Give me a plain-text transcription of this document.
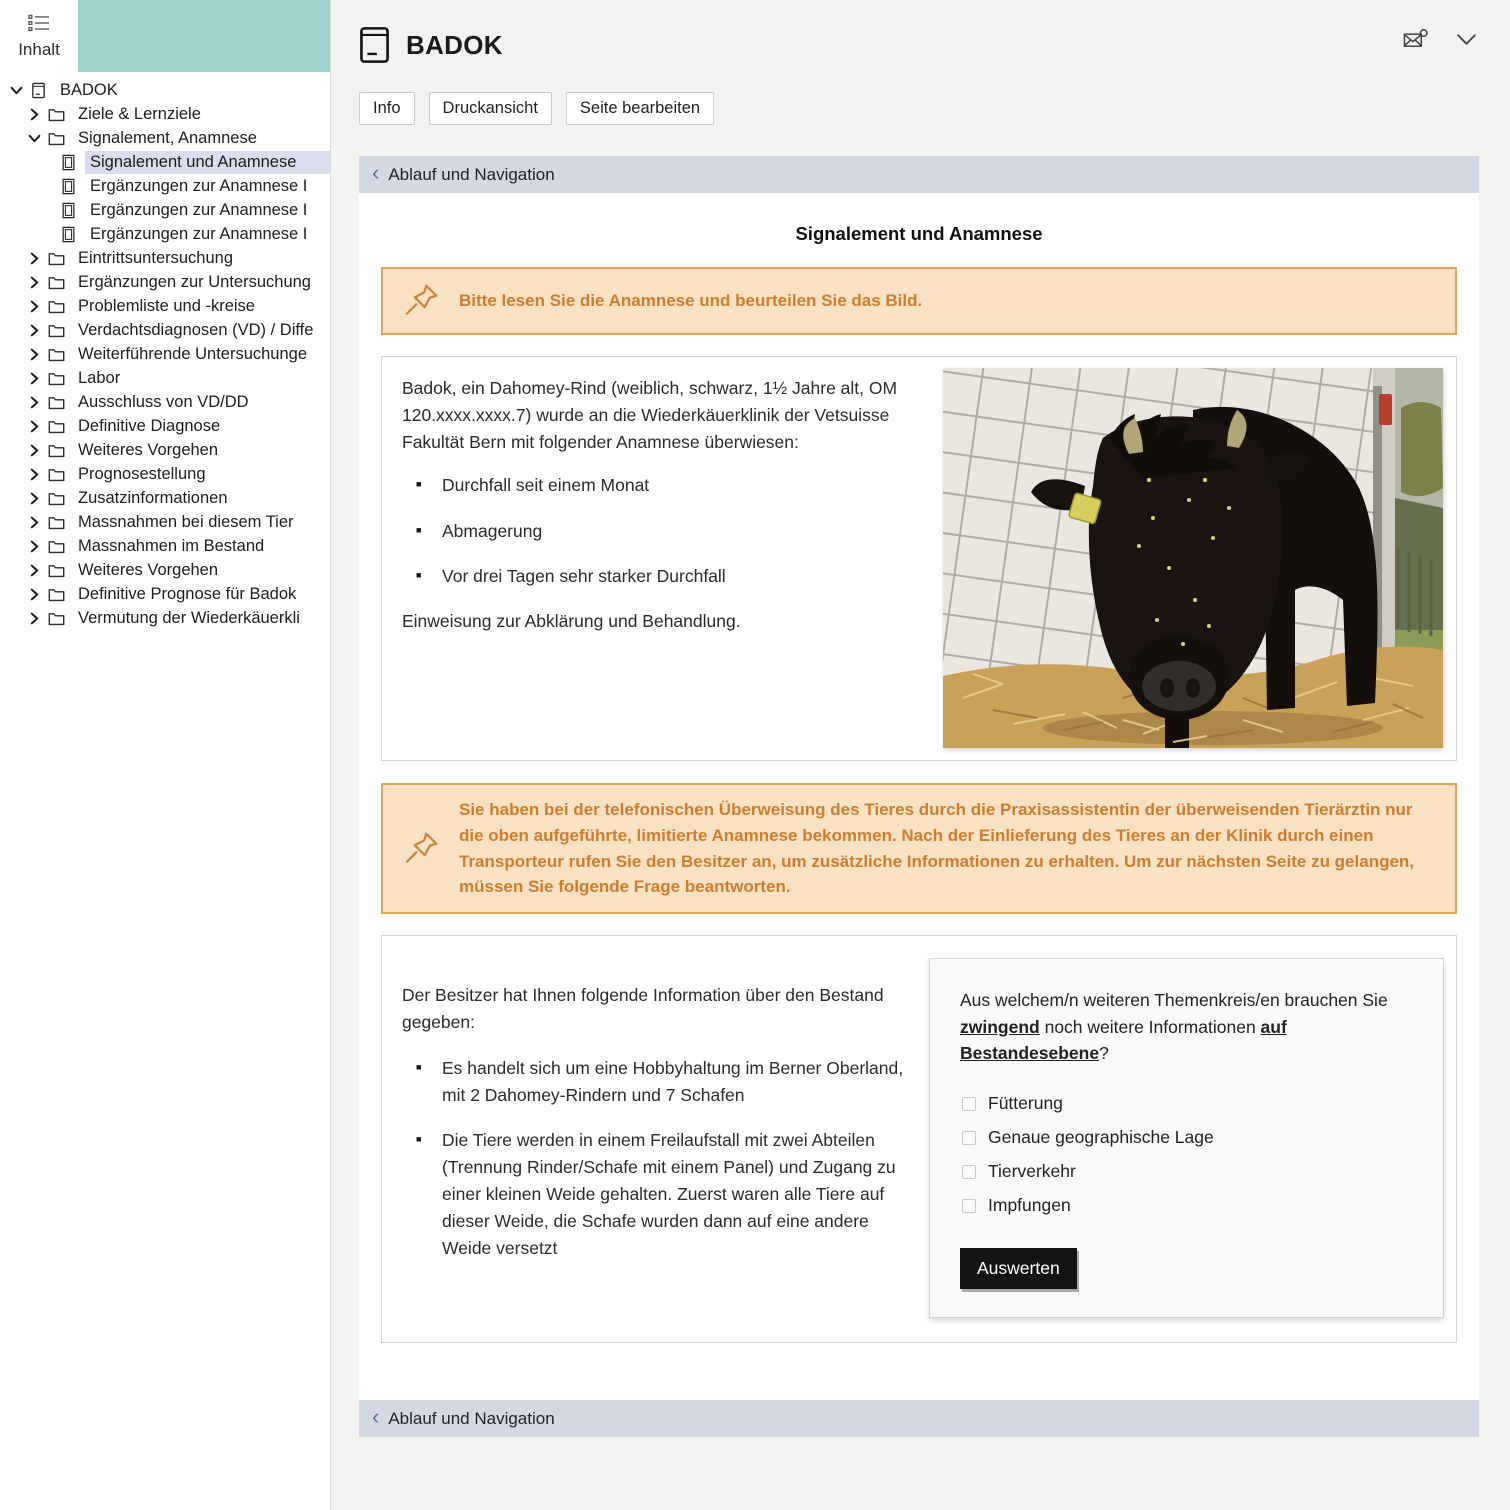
Inhalt
BADOK
Ziele & Lernziele
Signalement, Anamnese
Signalement und Anamnese
Ergänzungen zur Anamnese I
Ergänzungen zur Anamnese I
Ergänzungen zur Anamnese I
Eintrittsuntersuchung
Ergänzungen zur Untersuchung
Problemliste und -kreise
Verdachtsdiagnosen (VD) / Diffe
Weiterführende Untersuchunge
Labor
Ausschluss von VD/DD
Definitive Diagnose
Weiteres Vorgehen
Prognosestellung
Zusatzinformationen
Massnahmen bei diesem Tier
Massnahmen im Bestand
Weiteres Vorgehen
Definitive Prognose für Badok
Vermutung der Wiederkäuerkli
BADOK
Info	Druckansicht	Seite bearbeiten
‹ Ablauf und Navigation
Signalement und Anamnese

Bitte lesen Sie die Anamnese und beurteilen Sie das Bild.

Badok, ein Dahomey-Rind (weiblich, schwarz, 1½ Jahre alt, OM 120.xxxx.xxxx.7) wurde an die Wiederkäuerklinik der Vetsuisse Fakultät Bern mit folgender Anamnese überwiesen:

■ Durchfall seit einem Monat
■ Abmagerung
■ Vor drei Tagen sehr starker Durchfall

Einweisung zur Abklärung und Behandlung.

Sie haben bei der telefonischen Überweisung des Tieres durch die Praxisassistentin der überweisenden Tierärztin nur die oben aufgeführte, limitierte Anamnese bekommen. Nach der Einlieferung des Tieres an der Klinik durch einen Transporteur rufen Sie den Besitzer an, um zusätzliche Informationen zu erhalten. Um zur nächsten Seite zu gelangen, müssen Sie folgende Frage beantworten.

Aus welchem/n weiteren Themenkreis/en brauchen Sie zwingend noch weitere Informationen auf Bestandesebene?

Fütterung
Genaue geographische Lage
Tierverkehr
Impfungen
Auswerten

Der Besitzer hat Ihnen folgende Information über den Bestand gegeben:

■ Es handelt sich um eine Hobbyhaltung im Berner Oberland, mit 2 Dahomey-Rindern und 7 Schafen
■ Die Tiere werden in einem Freilaufstall mit zwei Abteilen (Trennung Rinder/Schafe mit einem Panel) und Zugang zu einer kleinen Weide gehalten. Zuerst waren alle Tiere auf dieser Weide, die Schafe wurden dann auf eine andere Weide versetzt
‹ Ablauf und Navigation
